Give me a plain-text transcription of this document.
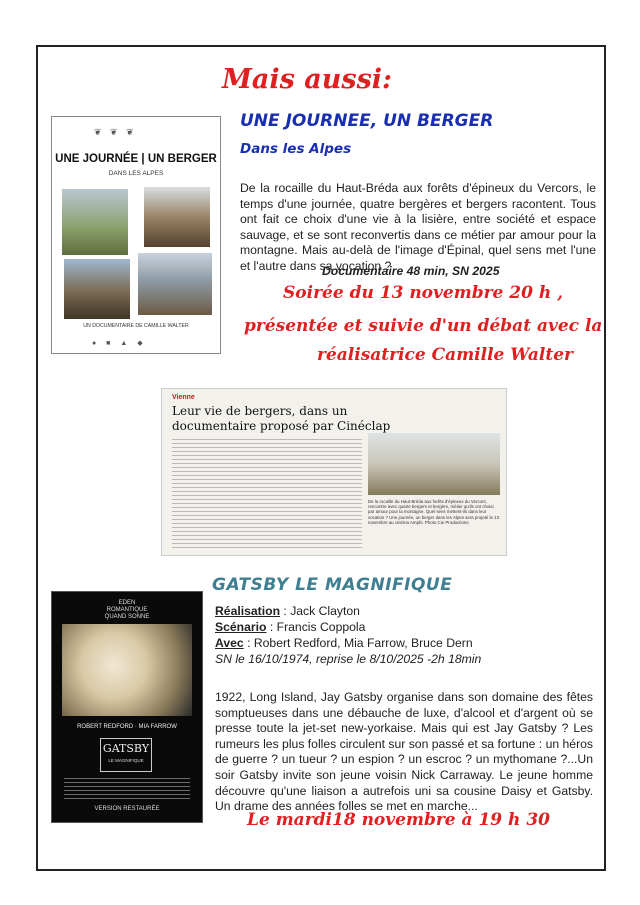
Mais aussi:
❦ ❦ ❦
UNE JOURNÉE | UN BERGER
DANS LES ALPES
UN DOCUMENTAIRE DE CAMILLE WALTER
● ■ ▲ ◆
UNE JOURNEE, UN BERGER
Dans les Alpes
De la rocaille du Haut-Bréda aux forêts d'épineux du Vercors, le temps d'une journée, quatre bergères et bergers racontent. Tous ont fait ce choix d'une vie à la lisière, entre société et espace sauvage, et se sont reconvertis dans ce métier par amour pour la montagne. Mais au-delà de l'image d'Épinal, quel sens met l'une et l'autre dans sa vocation ?
Documentaire 48 min, SN 2025
Soirée du 13 novembre 20 h ,
présentée et suivie d'un débat avec la
réalisatrice Camille Walter
Vienne
Leur vie de bergers, dans un
documentaire proposé par Cinéclap
De la rocaille du Haut-Bréda aux forêts d'épineux du Vercors, rencontre avec quatre bergers et bergère, métier qu'ils ont choisi par amour pour la montagne. Quel sens mettent-ils dans leur vocation ? Une journée, un berger dans les Alpes sera projeté le 13 novembre au cinéma Amphi. Photo Cie Productions
EDEN
ROMANTIQUE
QUAND SONNE
ROBERT REDFORD · MIA FARROW
GATSBY
LE MAGNIFIQUE
VERSION RESTAURÉE
GATSBY LE MAGNIFIQUE
Réalisation : Jack Clayton
Scénario : Francis Coppola
Avec : Robert Redford, Mia Farrow, Bruce Dern
SN le 16/10/1974, reprise le 8/10/2025 -2h 18min
1922, Long Island, Jay Gatsby organise dans son domaine des fêtes somptueuses dans une débauche de luxe, d'alcool et d'argent où se presse toute la jet-set new-yorkaise. Mais qui est Jay Gatsby ? Les rumeurs les plus folles circulent sur son passé et sa fortune : un héros de guerre ? un tueur ? un espion ? un escroc ? un mythomane ?...Un soir Gatsby invite son jeune voisin Nick Carraway. Le jeune homme découvre qu'une liaison a autrefois uni sa cousine Daisy et Gatsby. Un drame des années folles se met en marche...
Le mardi18 novembre à 19 h 30
